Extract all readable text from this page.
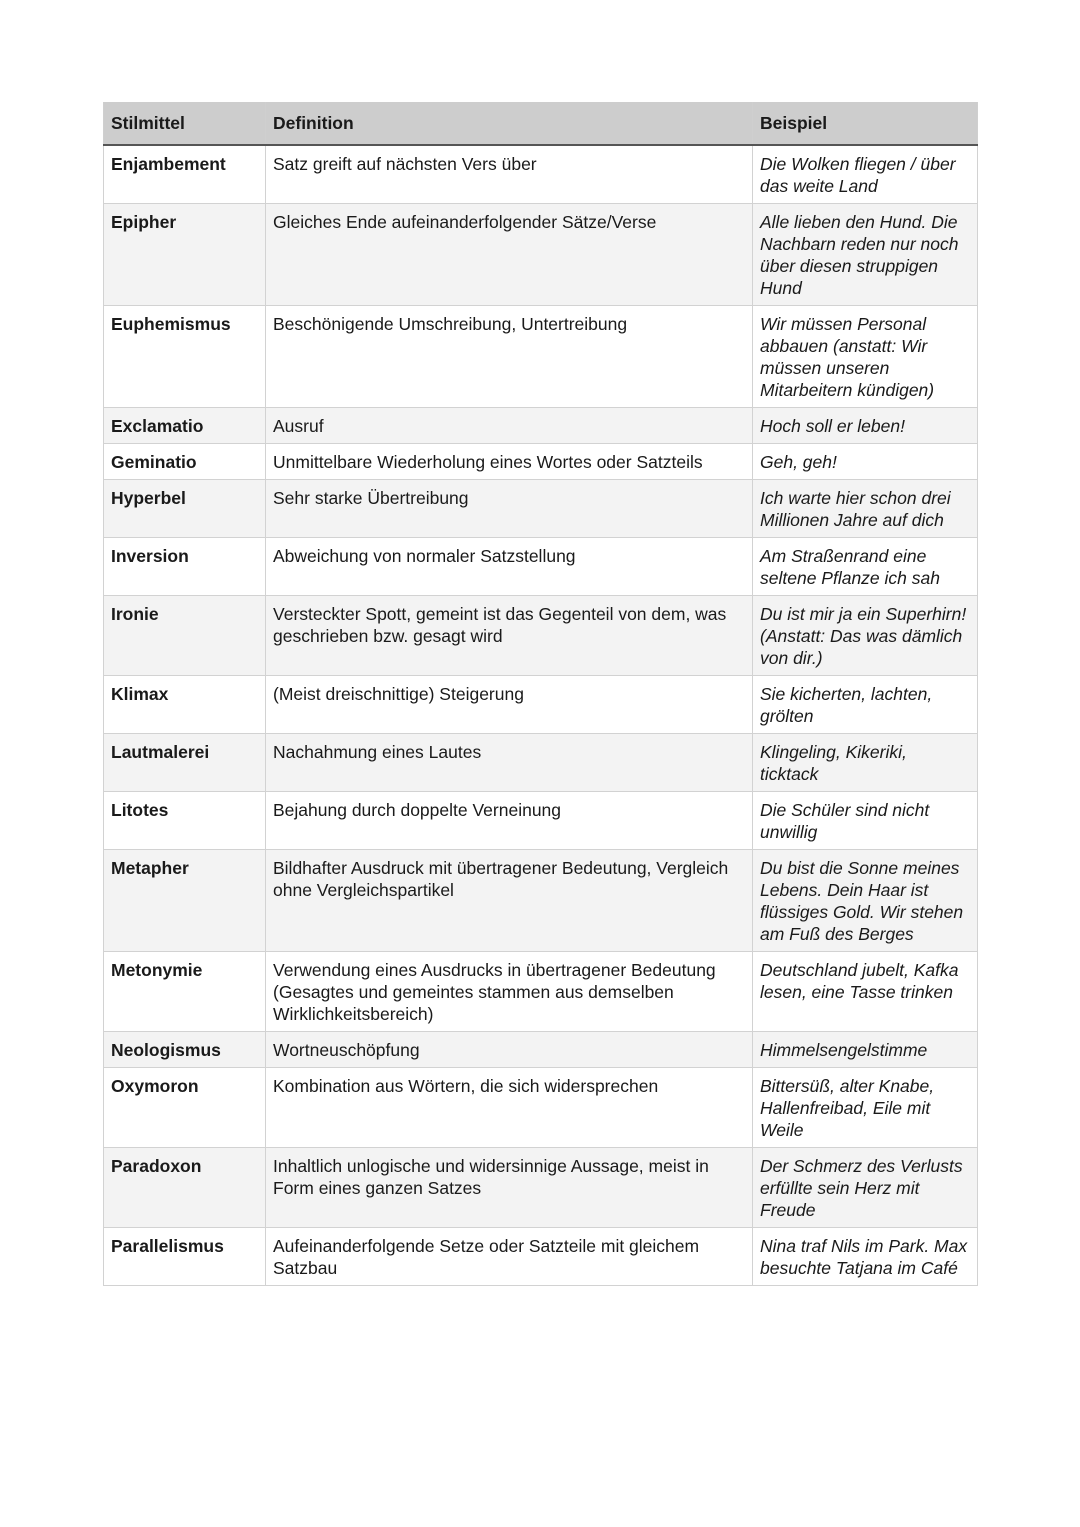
Stilmittel	Definition	Beispiel
Enjambement	Satz greift auf nächsten Vers über	Die Wolken fliegen / über das weite Land
Epipher	Gleiches Ende aufeinanderfolgender Sätze/Verse	Alle lieben den Hund. Die Nachbarn reden nur noch über diesen struppigen Hund
Euphemismus	Beschönigende Umschreibung, Untertreibung	Wir müssen Personal abbauen (anstatt: Wir müssen unseren Mitarbeitern kündigen)
Exclamatio	Ausruf	Hoch soll er leben!
Geminatio	Unmittelbare Wiederholung eines Wortes oder Satzteils	Geh, geh!
Hyperbel	Sehr starke Übertreibung	Ich warte hier schon drei Millionen Jahre auf dich
Inversion	Abweichung von normaler Satzstellung	Am Straßenrand eine seltene Pflanze ich sah
Ironie	Versteckter Spott, gemeint ist das Gegenteil von dem, was geschrieben bzw. gesagt wird	Du ist mir ja ein Superhirn! (Anstatt: Das was dämlich von dir.)
Klimax	(Meist dreischnittige) Steigerung	Sie kicherten, lachten, grölten
Lautmalerei	Nachahmung eines Lautes	Klingeling, Kikeriki, ticktack
Litotes	Bejahung durch doppelte Verneinung	Die Schüler sind nicht unwillig
Metapher	Bildhafter Ausdruck mit übertragener Bedeutung, Vergleich ohne Vergleichspartikel	Du bist die Sonne meines Lebens. Dein Haar ist flüssiges Gold. Wir stehen am Fuß des Berges
Metonymie	Verwendung eines Ausdrucks in übertragener Bedeutung (Gesagtes und gemeintes stammen aus demselben Wirklichkeitsbereich)	Deutschland jubelt, Kafka lesen, eine Tasse trinken
Neologismus	Wortneuschöpfung	Himmelsengelstimme
Oxymoron	Kombination aus Wörtern, die sich widersprechen	Bittersüß, alter Knabe, Hallenfreibad, Eile mit Weile
Paradoxon	Inhaltlich unlogische und widersinnige Aussage, meist in Form eines ganzen Satzes	Der Schmerz des Verlusts erfüllte sein Herz mit Freude
Parallelismus	Aufeinanderfolgende Setze oder Satzteile mit gleichem Satzbau	Nina traf Nils im Park. Max besuchte Tatjana im Café
